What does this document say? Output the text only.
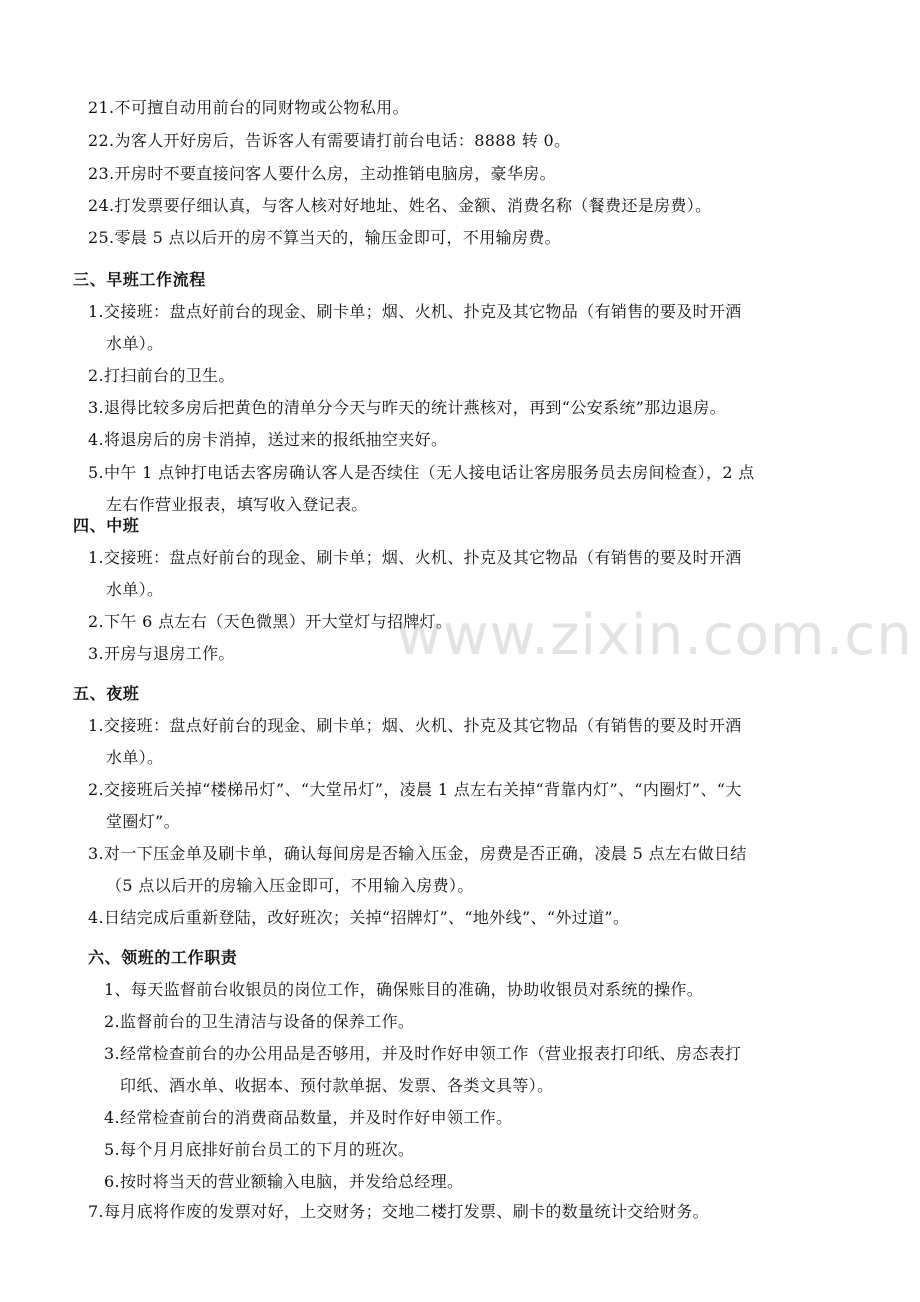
www.zixin.com.cn
21.不可擅自动用前台的同财物或公物私用。
22.为客人开好房后，告诉客人有需要请打前台电话：8888 转 0。
23.开房时不要直接问客人要什么房，主动推销电脑房，豪华房。
24.打发票要仔细认真，与客人核对好地址、姓名、金额、消费名称（餐费还是房费）。
25.零晨 5 点以后开的房不算当天的，输压金即可，不用输房费。
三、早班工作流程
1.交接班：盘点好前台的现金、刷卡单；烟、火机、扑克及其它物品（有销售的要及时开酒
水单）。
2.打扫前台的卫生。
3.退得比较多房后把黄色的清单分今天与昨天的统计燕核对，再到“公安系统”那边退房。
4.将退房后的房卡消掉，送过来的报纸抽空夹好。
5.中午 1 点钟打电话去客房确认客人是否续住（无人接电话让客房服务员去房间检查），2 点
左右作营业报表，填写收入登记表。
四、中班
1.交接班：盘点好前台的现金、刷卡单；烟、火机、扑克及其它物品（有销售的要及时开酒
水单）。
2.下午 6 点左右（天色微黑）开大堂灯与招牌灯。
3.开房与退房工作。
五、夜班
1.交接班：盘点好前台的现金、刷卡单；烟、火机、扑克及其它物品（有销售的要及时开酒
水单）。
2.交接班后关掉“楼梯吊灯”、“大堂吊灯”，凌晨 1 点左右关掉“背靠内灯”、“内圈灯”、“大
堂圈灯”。
3.对一下压金单及刷卡单，确认每间房是否输入压金，房费是否正确，凌晨 5 点左右做日结
（5 点以后开的房输入压金即可，不用输入房费）。
4.日结完成后重新登陆，改好班次；关掉“招牌灯”、“地外线”、“外过道”。
六、领班的工作职责
1、每天监督前台收银员的岗位工作，确保账目的准确，协助收银员对系统的操作。
2.监督前台的卫生清洁与设备的保养工作。
3.经常检查前台的办公用品是否够用，并及时作好申领工作（营业报表打印纸、房态表打
印纸、酒水单、收据本、预付款单据、发票、各类文具等）。
4.经常检查前台的消费商品数量，并及时作好申领工作。
5.每个月月底排好前台员工的下月的班次。
6.按时将当天的营业额输入电脑，并发给总经理。
7.每月底将作废的发票对好，上交财务；交地二楼打发票、刷卡的数量统计交给财务。
